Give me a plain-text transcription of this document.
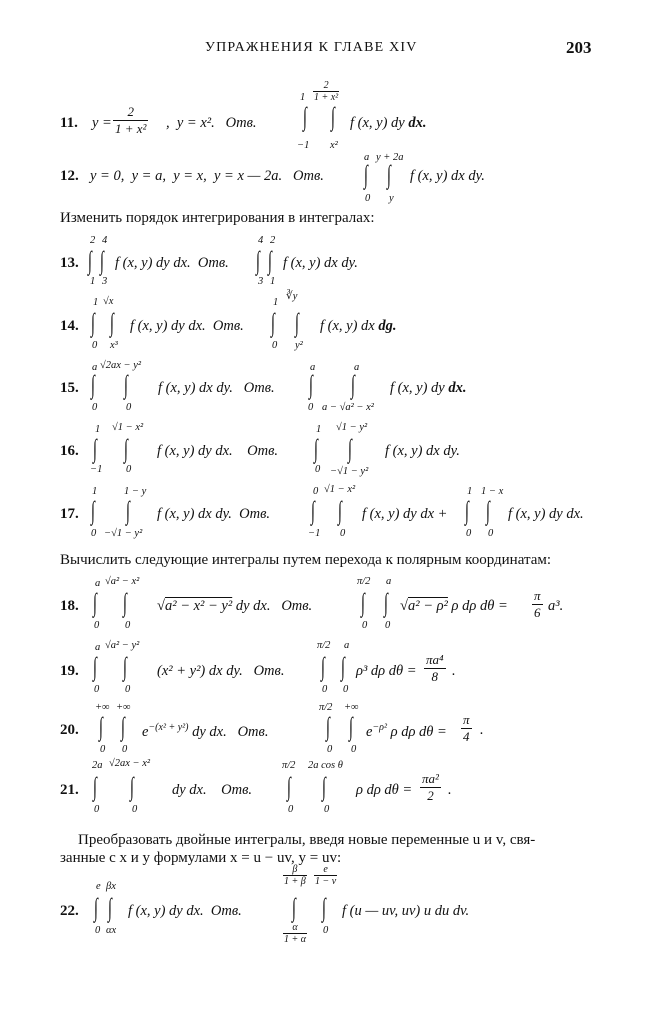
УПРАЖНЕНИЯ К ГЛАВЕ XIV	203
11. $y = \frac{2}{\text{1 + x²}}$ ,  y = x².   Отв.
1
∫
−1
$\frac{2}{\text{1 + x²}}$
∫
x²
f (x, y) dy dx.
12. y = 0,  y = a,  y = x,  y = x — 2a.   Отв.
a
∫
0
y + 2a
∫
y
f (x, y) dx dy.
Изменить порядок интегрирования в интегралах:
13.
2
∫
1
4
∫
3
f (x, y) dy dx.  Отв.
4
∫
3
2
∫
1
f (x, y) dx dy.
14.
1
∫
0
√x
∫
x³
f (x, y) dy dx.  Отв.
1
∫
0
∛y
∫
y²
f (x, y) dx dg.
15.
a
∫
0
√2ax − y²
∫
0
f (x, y) dx dy.   Отв.
a
∫
0
a
∫
a − √a² − x²
f (x, y) dy dx.
16.
1
∫
−1
√1 − x²
∫
0
f (x, y) dy dx.    Отв.
1
∫
0
√1 − y²
∫
−√1 − y²
f (x, y) dx dy.
17.
1
∫
0
1 − y
∫
−√1 − y²
f (x, y) dx dy.  Отв.
0
∫
−1
√1 − x²
∫
0
f (x, y) dy dx +
1
∫
0
1 − x
∫
0
f (x, y) dy dx.
Вычислить следующие интегралы путем перехода к полярным координатам:
18.
a
∫
0
√a² − x²
∫
0
√a² − x² − y² dy dx.   Отв.
π/2
∫
0
a
∫
0
√a² − ρ² ρ dρ $d\theta = \frac{\pi}{6} a^3$.
19.
a
∫
0
√a² − y²
∫
0
(x² + y²) dx dy.   Отв.
π/2
∫
0
a
∫
0
ρ³ dρ $d\theta = \frac{\text{πa⁴}}{8}$ .
20.
+∞
∫
0
+∞
∫
0
$e^{-(x^2 + y^2)}$ dy dx.   Отв.
π/2
∫
0
+∞
∫
0
$e^{-\rho^2}$ ρ dρ $d\theta = \frac{\pi}{4}$ .
21.
2a
∫
0
√2ax − x²
∫
0
dy dx.    Отв.
π/2
∫
0
2a cos θ
∫
0
ρ dρ $d\theta = \frac{\text{πa²}}{2}$ .
Преобразовать двойные интегралы, введя новые переменные u и v, свя-
занные с x и y формулами x = u − uv, y = uv:
22.
e
∫
0
βx
∫
αx
f (x, y) dy dx.  Отв.
$\frac{\beta}{1 + \beta}$
∫
$\frac{\alpha}{1 + \alpha}$
$\frac{e}{1 - v}$
∫
0
f (u — uv, uv) u du dv.
